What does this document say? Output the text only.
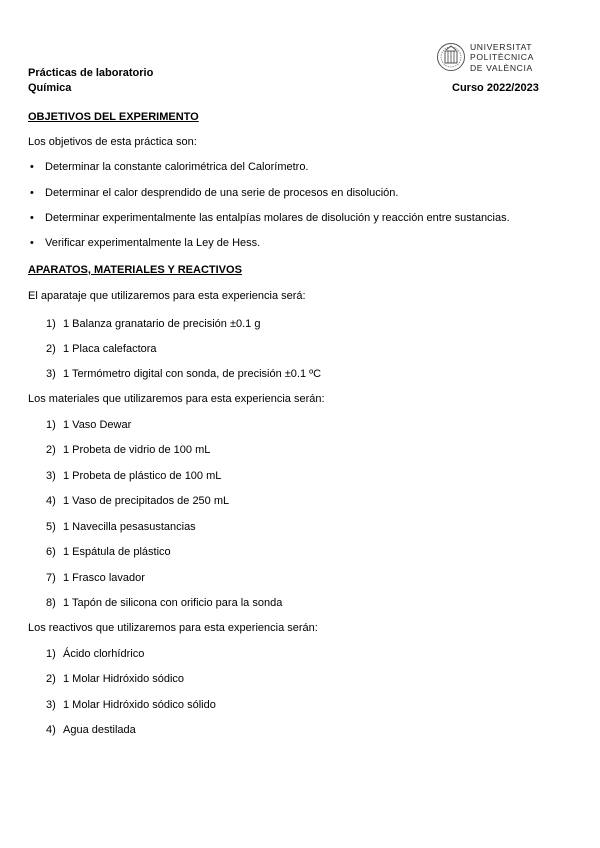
UNIVERSITAT
POLITÈCNICA
DE VALÈNCIA
Prácticas de laboratorio
Química	Curso 2022/2023
OBJETIVOS DEL EXPERIMENTO
Los objetivos de esta práctica son:
• Determinar la constante calorimétrica del Calorímetro.
• Determinar el calor desprendido de una serie de procesos en disolución.
• Determinar experimentalmente las entalpías molares de disolución y reacción entre sustancias.
• Verificar experimentalmente la Ley de Hess.
APARATOS, MATERIALES Y REACTIVOS
El aparataje que utilizaremos para esta experiencia será:
1) 1 Balanza granatario de precisión ±0.1 g
2) 1 Placa calefactora
3) 1 Termómetro digital con sonda, de precisión ±0.1 ºC
Los materiales que utilizaremos para esta experiencia serán:
1) 1 Vaso Dewar
2) 1 Probeta de vidrio de 100 mL
3) 1 Probeta de plástico de 100 mL
4) 1 Vaso de precipitados de 250 mL
5) 1 Navecilla pesasustancias
6) 1 Espátula de plástico
7) 1 Frasco lavador
8) 1 Tapón de silicona con orificio para la sonda
Los reactivos que utilizaremos para esta experiencia serán:
1) Ácido clorhídrico
2) 1 Molar Hidróxido sódico
3) 1 Molar Hidróxido sódico sólido
4) Agua destilada
